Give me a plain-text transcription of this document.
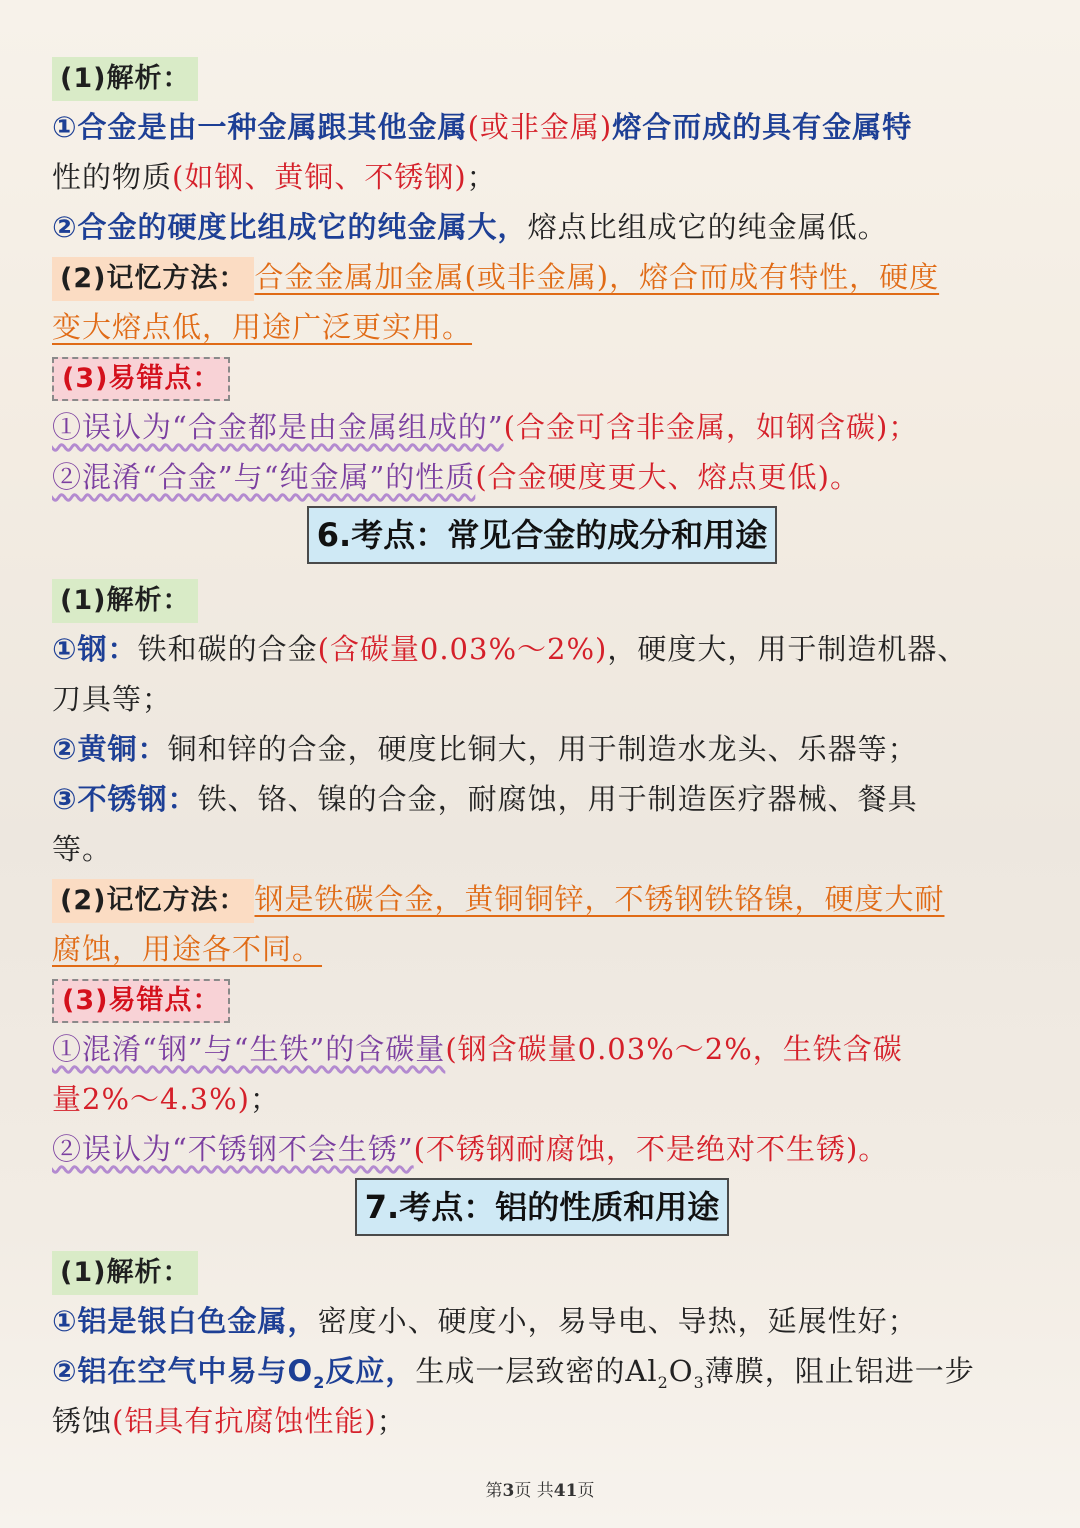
(1)解析：
①合金是由一种金属跟其他金属(或非金属)熔合而成的具有金属特
性的物质(如钢、黄铜、不锈钢)；
②合金的硬度比组成它的纯金属大，熔点比组成它的纯金属低。
(2)记忆方法： 合金金属加金属(或非金属)，熔合而成有特性，硬度
变大熔点低，用途广泛更实用。
(3)易错点：
①误认为“合金都是由金属组成的”(合金可含非金属，如钢含碳)；
②混淆“合金”与“纯金属”的性质(合金硬度更大、熔点更低)。
6.考点：常见合金的成分和用途
(1)解析：
①钢：铁和碳的合金(含碳量0.03%～2%)，硬度大，用于制造机器、
刀具等；
②黄铜：铜和锌的合金，硬度比铜大，用于制造水龙头、乐器等；
③不锈钢：铁、铬、镍的合金，耐腐蚀，用于制造医疗器械、餐具
等。
(2)记忆方法： 钢是铁碳合金，黄铜铜锌，不锈钢铁铬镍，硬度大耐
腐蚀，用途各不同。
(3)易错点：
①混淆“钢”与“生铁”的含碳量(钢含碳量0.03%～2%，生铁含碳
量2%～4.3%)；
②误认为“不锈钢不会生锈”(不锈钢耐腐蚀，不是绝对不生锈)。
7.考点：铝的性质和用途
(1)解析：
①铝是银白色金属，密度小、硬度小，易导电、导热，延展性好；
②铝在空气中易与$O_2$反应，生成一层致密的$Al_2O_3$薄膜，阻止铝进一步
锈蚀(铝具有抗腐蚀性能)；
第3页 共41页
